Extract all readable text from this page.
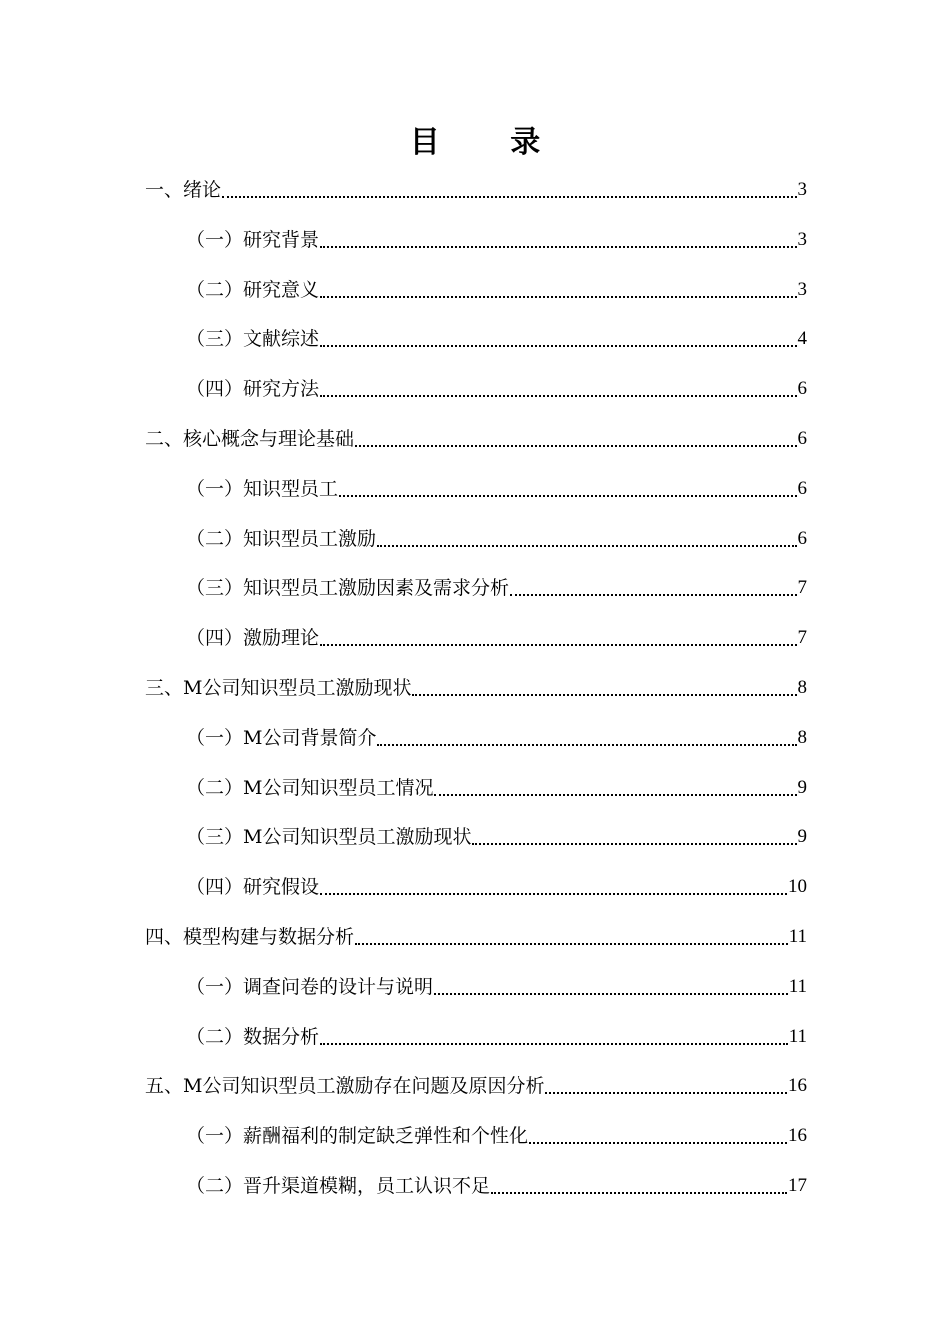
目 录
一、绪论	3
（一）研究背景	3
（二）研究意义	3
（三）文献综述	4
（四）研究方法	6
二、核心概念与理论基础	6
（一）知识型员工	6
（二）知识型员工激励	6
（三）知识型员工激励因素及需求分析	7
（四）激励理论	7
三、M公司知识型员工激励现状	8
（一）M公司背景简介	8
（二）M公司知识型员工情况	9
（三）M公司知识型员工激励现状	9
（四）研究假设	10
四、模型构建与数据分析	11
（一）调查问卷的设计与说明	11
（二）数据分析	11
五、M公司知识型员工激励存在问题及原因分析	16
（一）薪酬福利的制定缺乏弹性和个性化	16
（二）晋升渠道模糊，员工认识不足	17
